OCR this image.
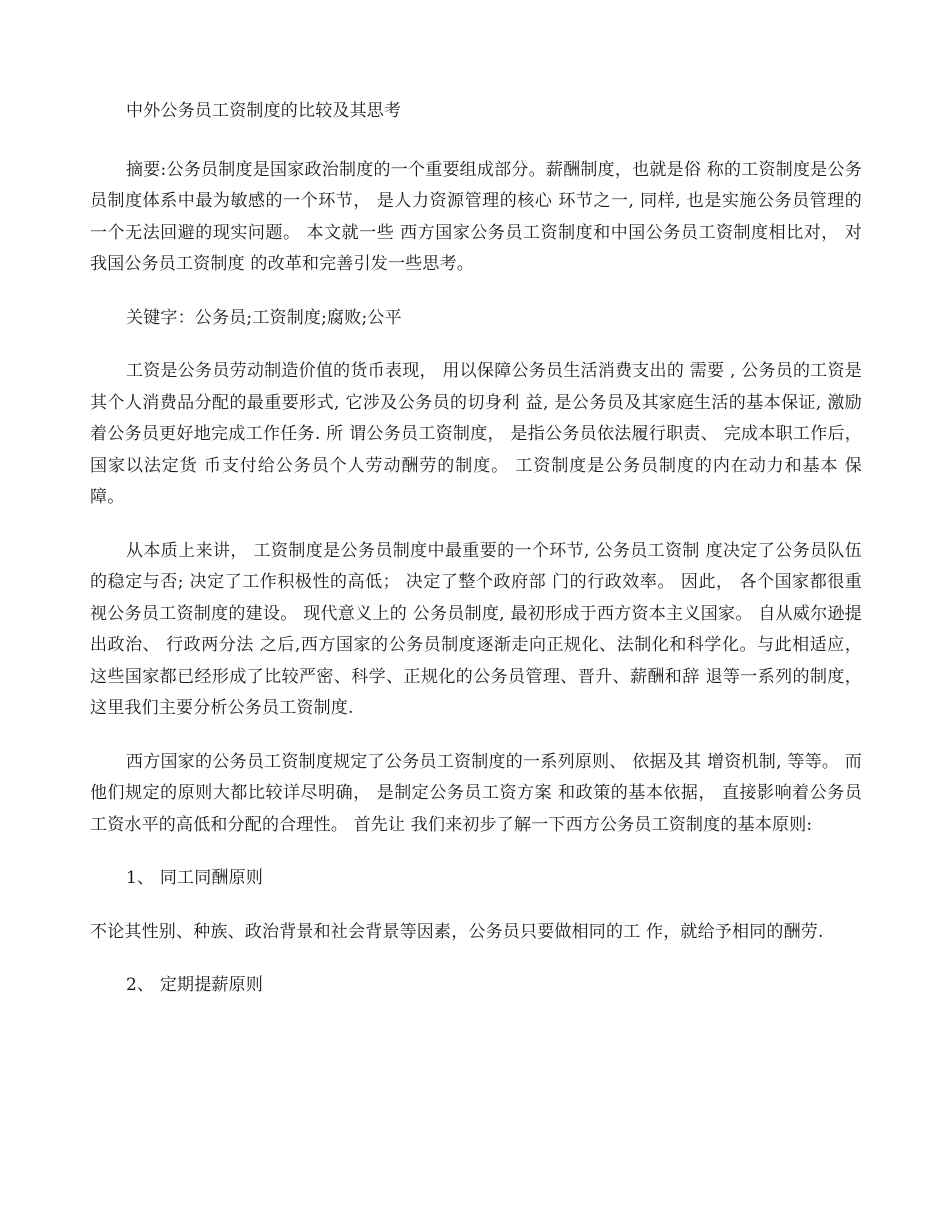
中外公务员工资制度的比较及其思考

摘要:公务员制度是国家政治制度的一个重要组成部分。薪酬制度，也就是俗 称的工资制度是公务员制度体系中最为敏感的一个环节， 是人力资源管理的核心 环节之一, 同样, 也是实施公务员管理的一个无法回避的现实问题。 本文就一些 西方国家公务员工资制度和中国公务员工资制度相比对， 对我国公务员工资制度 的改革和完善引发一些思考。

关键字：公务员;工资制度;腐败;公平

工资是公务员劳动制造价值的货币表现， 用以保障公务员生活消费支出的 需要 , 公务员的工资是其个人消费品分配的最重要形式, 它涉及公务员的切身利 益, 是公务员及其家庭生活的基本保证, 激励着公务员更好地完成工作任务. 所 谓公务员工资制度， 是指公务员依法履行职责、 完成本职工作后， 国家以法定货 币支付给公务员个人劳动酬劳的制度。 工资制度是公务员制度的内在动力和基本 保障。

从本质上来讲， 工资制度是公务员制度中最重要的一个环节, 公务员工资制 度决定了公务员队伍的稳定与否; 决定了工作积极性的高低； 决定了整个政府部 门的行政效率。 因此， 各个国家都很重视公务员工资制度的建设。 现代意义上的 公务员制度, 最初形成于西方资本主义国家。 自从威尔逊提出政治、 行政两分法 之后,西方国家的公务员制度逐渐走向正规化、法制化和科学化。与此相适应， 这些国家都已经形成了比较严密、科学、正规化的公务员管理、晋升、薪酬和辞 退等一系列的制度，这里我们主要分析公务员工资制度.

西方国家的公务员工资制度规定了公务员工资制度的一系列原则、 依据及其 增资机制, 等等。 而他们规定的原则大都比较详尽明确， 是制定公务员工资方案 和政策的基本依据， 直接影响着公务员工资水平的高低和分配的合理性。 首先让 我们来初步了解一下西方公务员工资制度的基本原则:

1、 同工同酬原则

不论其性别、种族、政治背景和社会背景等因素，公务员只要做相同的工 作，就给予相同的酬劳.

2、 定期提薪原则
